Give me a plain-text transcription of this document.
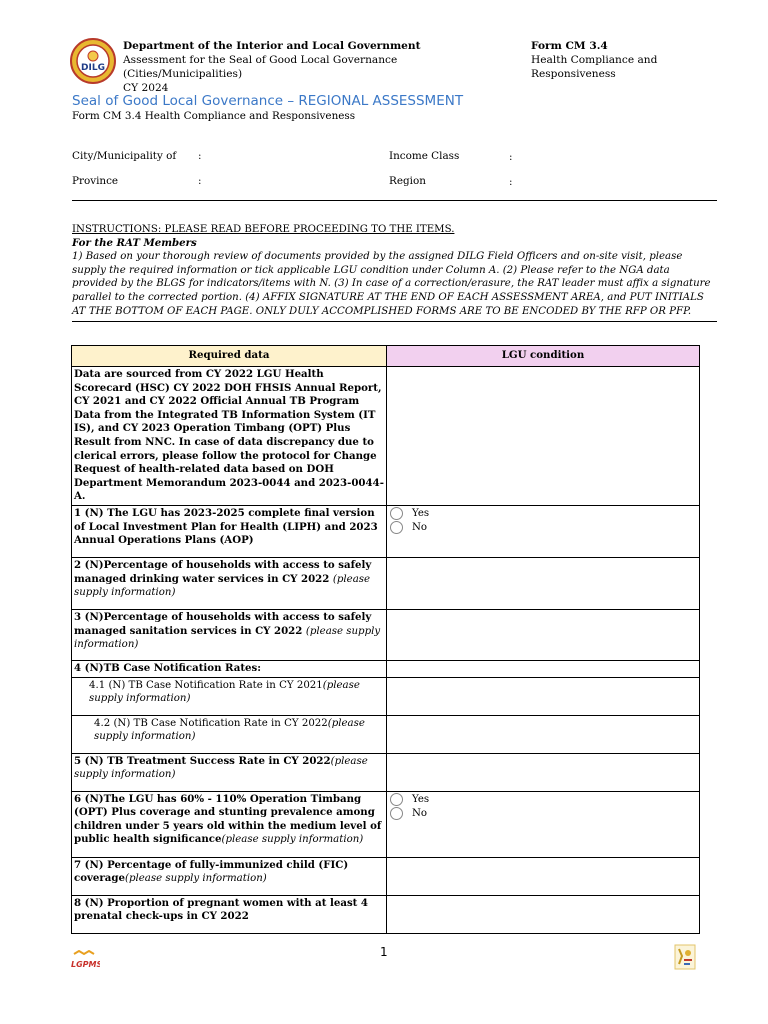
DILG
Department of the Interior and Local Government
Assessment for the Seal of Good Local Governance (Cities/Municipalities)
CY 2024
Form CM 3.4
Health Compliance and
Responsiveness
Seal of Good Local Governance – REGIONAL ASSESSMENT
Form CM 3.4 Health Compliance and Responsiveness
City/Municipality of :	Income Class	:
Province	:	Region	:
INSTRUCTIONS: PLEASE READ BEFORE PROCEEDING TO THE ITEMS.
For the RAT Members
1) Based on your thorough review of documents provided by the assigned DILG Field Officers and on-site visit, please supply the required information or tick applicable LGU condition under Column A. (2) Please refer to the NGA data provided by the BLGS for indicators/items with N. (3) In case of a correction/erasure, the RAT leader must affix a signature parallel to the corrected portion. (4) AFFIX SIGNATURE AT THE END OF EACH ASSESSMENT AREA, and PUT INITIALS AT THE BOTTOM OF EACH PAGE. ONLY DULY ACCOMPLISHED FORMS ARE TO BE ENCODED BY THE RFP OR PFP.
Required data	LGU condition
Data are sourced from CY 2022 LGU Health Scorecard (HSC) CY 2022 DOH FHSIS Annual Report, CY 2021 and CY 2022 Official Annual TB Program Data from the Integrated TB Information System (IT IS), and CY 2023 Operation Timbang (OPT) Plus Result from NNC. In case of data discrepancy due to clerical errors, please follow the protocol for Change Request of health-related data based on DOH Department Memorandum 2023-0044 and 2023-0044-A.	
1 (N) The LGU has 2023-2025 complete final version of Local Investment Plan for Health (LIPH) and 2023 Annual Operations Plans (AOP)	Yes
No

2 (N)Percentage of households with access to safely managed drinking water services in CY 2022 (please supply information)	
3 (N)Percentage of households with access to safely managed sanitation services in CY 2022 (please supply information)	
4 (N)TB Case Notification Rates:	
4.1 (N) TB Case Notification Rate in CY 2021(please supply information)	
4.2 (N) TB Case Notification Rate in CY 2022(please supply information)	
5 (N) TB Treatment Success Rate in CY 2022(please supply information)	
6 (N)The LGU has 60% - 110% Operation Timbang (OPT) Plus coverage and stunting prevalence among children under 5 years old within the medium level of public health significance(please supply information)	Yes
No

7 (N) Percentage of fully-immunized child (FIC) coverage(please supply information)	
8 (N) Proportion of pregnant women with at least 4 prenatal check-ups in CY 2022	
1
LGPMS
